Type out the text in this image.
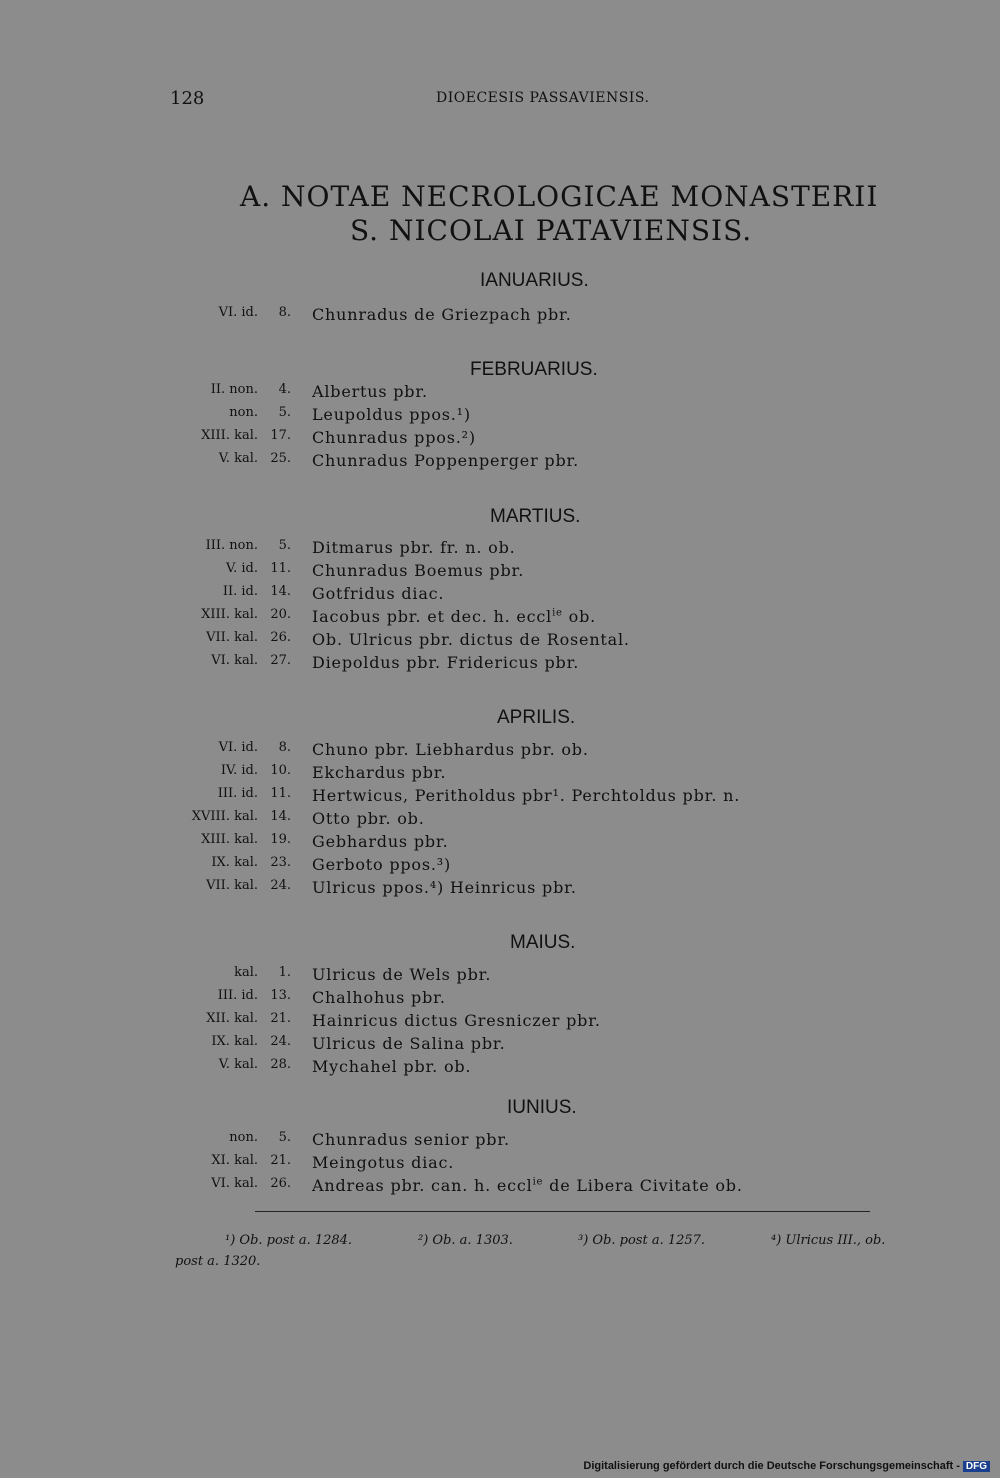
128	DIOECESIS PASSAVIENSIS.
A. NOTAE NECROLOGICAE MONASTERII
S. NICOLAI PATAVIENSIS.
IANUARIUS.
VI. id. 8. Chunradus de Griezpach pbr.
FEBRUARIUS.
II. non. 4. Albertus pbr.
non. 5. Leupoldus ppos.¹)
XIII. kal. 17. Chunradus ppos.²)
V. kal. 25. Chunradus Poppenperger pbr.
MARTIUS.
III. non. 5. Ditmarus pbr. fr. n. ob.
V. id. 11. Chunradus Boemus pbr.
II. id. 14. Gotfridus diac.
XIII. kal. 20. Iacobus pbr. et dec. h. eccl$^{ie}$ ob.
VII. kal. 26. Ob. Ulricus pbr. dictus de Rosental.
VI. kal. 27. Diepoldus pbr. Fridericus pbr.
APRILIS.
VI. id. 8. Chuno pbr. Liebhardus pbr. ob.
IV. id. 10. Ekchardus pbr.
III. id. 11. Hertwicus, Peritholdus pbr¹. Perchtoldus pbr. n.
XVIII. kal. 14. Otto pbr. ob.
XIII. kal. 19. Gebhardus pbr.
IX. kal. 23. Gerboto ppos.³)
VII. kal. 24. Ulricus ppos.⁴) Heinricus pbr.
MAIUS.
kal. 1. Ulricus de Wels pbr.
III. id. 13. Chalhohus pbr.
XII. kal. 21. Hainricus dictus Gresniczer pbr.
IX. kal. 24. Ulricus de Salina pbr.
V. kal. 28. Mychahel pbr. ob.
IUNIUS.
non. 5. Chunradus senior pbr.
XI. kal. 21. Meingotus diac.
VI. kal. 26. Andreas pbr. can. h. eccl$^{ie}$ de Libera Civitate ob.
¹) Ob. post a. 1284.	²) Ob. a. 1303.	³) Ob. post a. 1257.	⁴) Ulricus III., ob.
post a. 1320.
Digitalisierung gefördert durch die Deutsche Forschungsgemeinschaft - DFG
